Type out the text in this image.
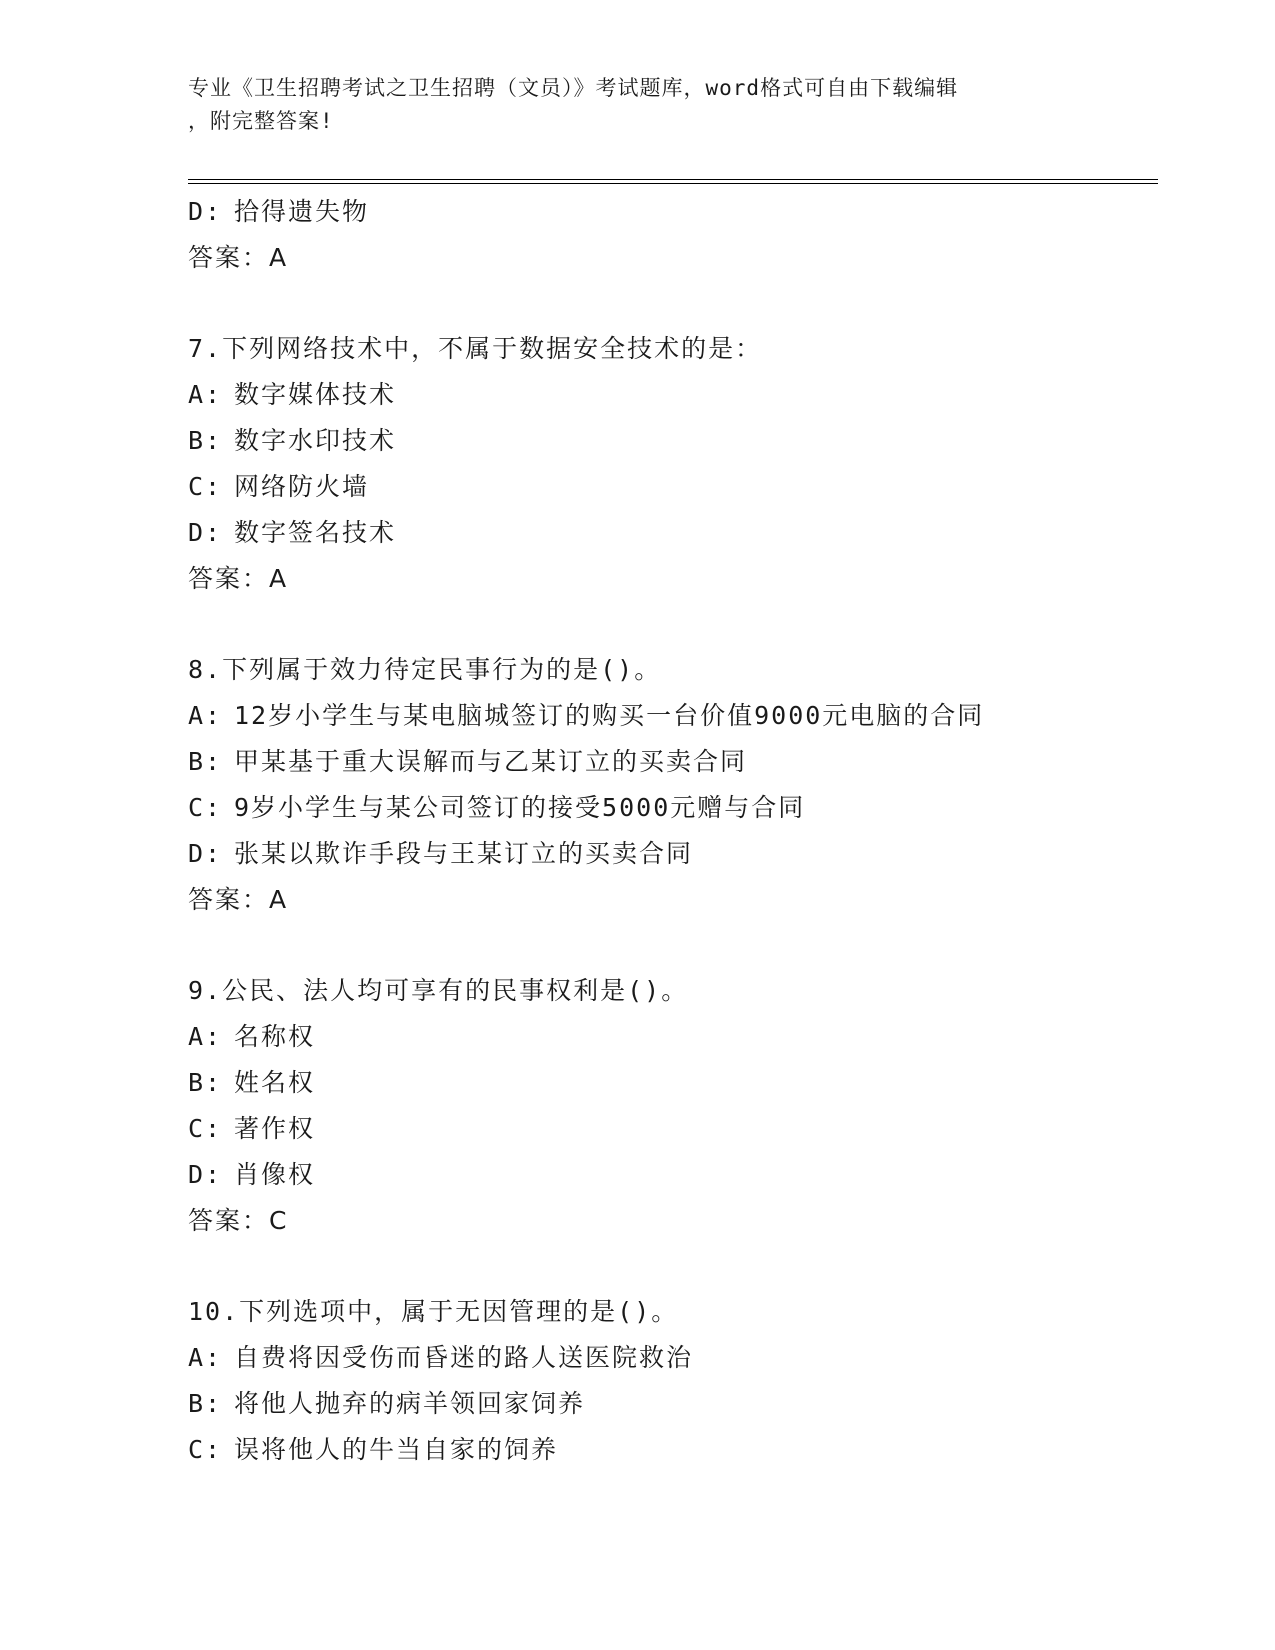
专业《卫生招聘考试之卫生招聘（文员）》考试题库，word格式可自由下载编辑
，附完整答案!
D: 拾得遗失物
答案：A
7.下列网络技术中，不属于数据安全技术的是：
A: 数字媒体技术
B: 数字水印技术
C: 网络防火墙
D: 数字签名技术
答案：A
8.下列属于效力待定民事行为的是()。
A: 12岁小学生与某电脑城签订的购买一台价值9000元电脑的合同
B: 甲某基于重大误解而与乙某订立的买卖合同
C: 9岁小学生与某公司签订的接受5000元赠与合同
D: 张某以欺诈手段与王某订立的买卖合同
答案：A
9.公民、法人均可享有的民事权利是()。
A: 名称权
B: 姓名权
C: 著作权
D: 肖像权
答案：C
10.下列选项中，属于无因管理的是()。
A: 自费将因受伤而昏迷的路人送医院救治
B: 将他人抛弃的病羊领回家饲养
C: 误将他人的牛当自家的饲养
